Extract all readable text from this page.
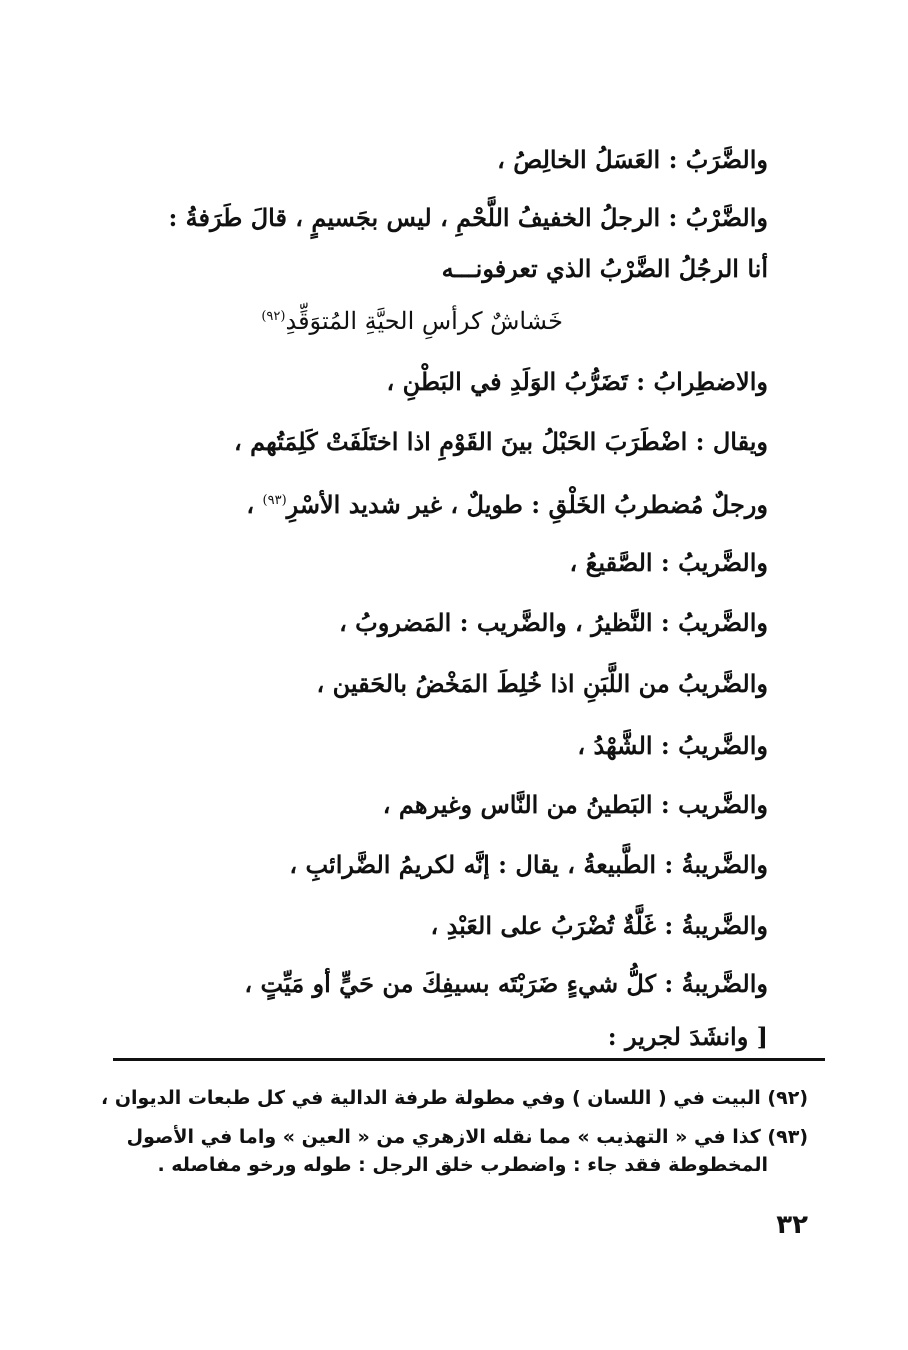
والضَّرَبُ : العَسَلُ الخالِصُ ،
والضَّرْبُ : الرجلُ الخفيفُ اللَّحْمِ ، ليس بجَسيمٍ ، قالَ طَرَفةُ :
أنا الرجُلُ الضَّرْبُ الذي تعرفونـــه
خَشاشٌ كرأسِ الحيَّةِ المُتوَقِّدِ$^{(٩٢)}$
والاضطِرابُ : تَضَرُّبُ الوَلَدِ في البَطْنِ ،
ويقال : اضْطَرَبَ الحَبْلُ بينَ القَوْمِ اذا اختَلَفَتْ كَلِمَتُهم ،
ورجلٌ مُضطربُ الخَلْقِ : طويلٌ ، غير شديد الأسْرِ$^{(٩٣)}$ ،
والضَّريبُ : الصَّقيعُ ،
والضَّريبُ : النَّظيرُ ، والضَّريب : المَضروبُ ،
والضَّريبُ من اللَّبَنِ اذا خُلِطَ المَخْضُ بالحَقين ،
والضَّريبُ : الشَّهْدُ ،
والضَّريب : البَطينُ من النَّاس وغيرهم ،
والضَّريبةُ : الطَّبيعةُ ، يقال : إنَّه لكريمُ الضَّرائبِ ،
والضَّريبةُ : غَلَّةٌ تُضْرَبُ على العَبْدِ ،
والضَّريبةُ : كلُّ شيءٍ ضَرَبْتَه بسيفِكَ من حَيٍّ أو مَيِّتٍ ،
[ وانشَدَ لجرير :
(٩٢) البيت في ( اللسان ) وفي مطولة طرفة الدالية في كل طبعات الديوان ،
(٩٣) كذا في « التهذيب » مما نقله الازهري من « العين » واما في الأصول
المخطوطة فقد جاء : واضطرب خلق الرجل : طوله ورخو مفاصله .
٣٢
